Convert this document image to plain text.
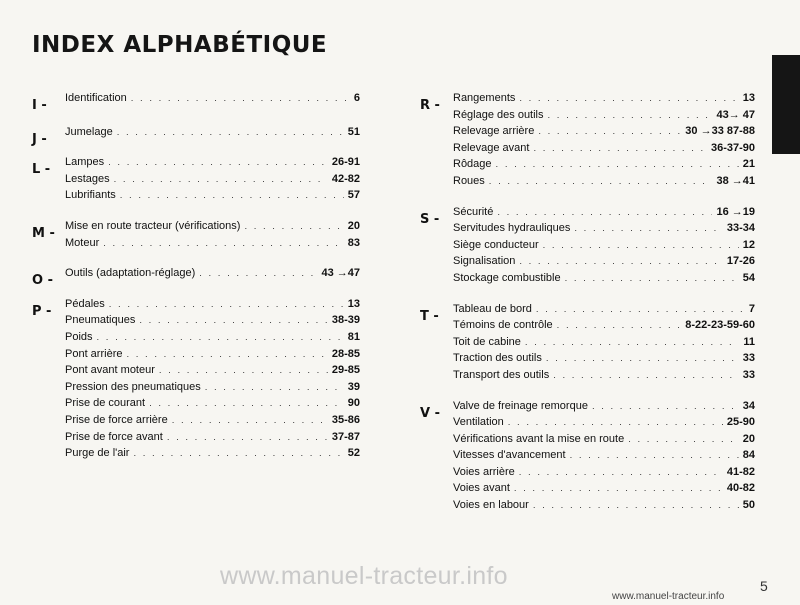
INDEX ALPHABÉTIQUE
I -	Identification . . .	6
J -	Jumelage . . .	51
L -	Lampes . . .	26-91
Lestages . . .	42-82
Lubrifiants . . .	57
M - Mise en route tracteur (vérifications) . . .	20
Moteur . . .	83
O -	Outils (adaptation-réglage) . . .	43 →47
P -	Pédales . . .	13
Pneumatiques . . .	38-39
Poids . . .	81
Pont arrière . . .	28-85
Pont avant moteur . . .	29-85
Pression des pneumatiques . . .	39
Prise de courant . . .	90
Prise de force arrière . . .	35-86
Prise de force avant . . .	37-87
Purge de l'air . . .	52
R -	Rangements . . .	13
Réglage des outils . . .	43→ 47
Relevage arrière . . .	30 →33 87-88
Relevage avant . . .	36-37-90
Rôdage . . .	21
Roues . . .	38 →41
S -	Sécurité . . .	16 →19
Servitudes hydrauliques . . .	33-34
Siège conducteur . . .	12
Signalisation . . .	17-26
Stockage combustible . . .	54
T -	Tableau de bord . . .	7
Témoins de contrôle . . .	8-22-23-59-60
Toit de cabine . . .	11
Traction des outils . . .	33
Transport des outils . . .	33
V -	Valve de freinage remorque . . .	34
Ventilation . . .	25-90
Vérifications avant la mise en route . . .	20
Vitesses d'avancement . . .	84
Voies arrière . . .	41-82
Voies avant . . .	40-82
Voies en labour . . .	50
www.manuel-tracteur.info	5
www.manuel-tracteur.info
